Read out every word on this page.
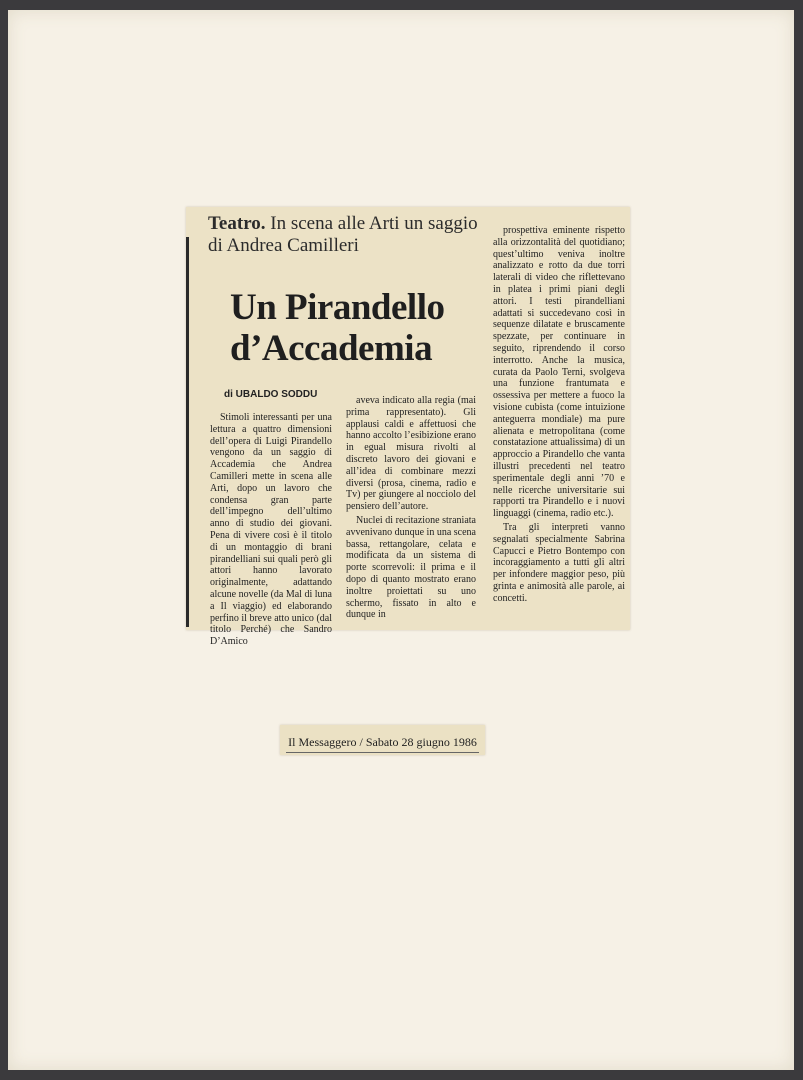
Teatro. In scena alle Arti un saggio di Andrea Camilleri
Un Pirandello
d’Accademia
di UBALDO SODDU

Stimoli interessanti per una lettura a quattro dimensioni dell’opera di Luigi Pirandello vengono da un saggio di Accademia che Andrea Camilleri mette in scena alle Arti, dopo un lavoro che condensa gran parte dell’impegno dell’ultimo anno di studio dei giovani. Pena di vivere così è il titolo di un montaggio di brani pirandelliani sui quali però gli attori hanno lavorato originalmente, adattando alcune novelle (da Mal di luna a Il viaggio) ed elaborando perfino il breve atto unico (dal titolo Perché) che Sandro D’Amico

aveva indicato alla regia (mai prima rappresentato). Gli applausi caldi e affettuosi che hanno accolto l’esibizione erano in egual misura rivolti al discreto lavoro dei giovani e all’idea di combinare mezzi diversi (prosa, cinema, radio e Tv) per giungere al nocciolo del pensiero dell’autore.

Nuclei di recitazione straniata avvenivano dunque in una scena bassa, rettangolare, celata e modificata da un sistema di porte scorrevoli: il prima e il dopo di quanto mostrato erano inoltre proiettati su uno schermo, fissato in alto e dunque in

prospettiva eminente rispetto alla orizzontalità del quotidiano; quest’ultimo veniva inoltre analizzato e rotto da due torri laterali di video che riflettevano in platea i primi piani degli attori. I testi pirandelliani adattati si succedevano così in sequenze dilatate e bruscamente spezzate, per continuare in seguito, riprendendo il corso interrotto. Anche la musica, curata da Paolo Terni, svolgeva una funzione frantumata e ossessiva per mettere a fuoco la visione cubista (come intuizione anteguerra mondiale) ma pure alienata e metropolitana (come constatazione attualissima) di un approccio a Pirandello che vanta illustri precedenti nel teatro sperimentale degli anni ’70 e nelle ricerche universitarie sui rapporti tra Pirandello e i nuovi linguaggi (cinema, radio etc.).

Tra gli interpreti vanno segnalati specialmente Sabrina Capucci e Pietro Bontempo con incoraggiamento a tutti gli altri per infondere maggior peso, più grinta e animosità alle parole, ai concetti.

Il Messaggero / Sabato 28 giugno 1986
